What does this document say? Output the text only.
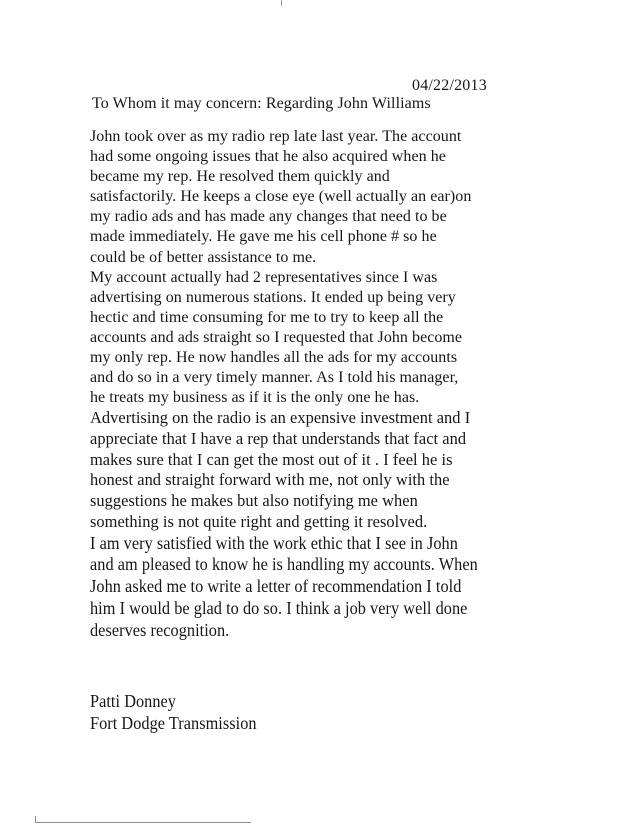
04/22/2013
To Whom it may concern: Regarding John Williams
John took over as my radio rep late last year. The account
had some ongoing issues that he also acquired when he
became my rep. He resolved them quickly and
satisfactorily. He keeps a close eye (well actually an ear)on
my radio ads and has made any changes that need to be
made immediately. He gave me his cell phone # so he
could be of better assistance to me.
My account actually had 2 representatives since I was
advertising on numerous stations. It ended up being very
hectic and time consuming for me to try to keep all the
accounts and ads straight so I requested that John become
my only rep. He now handles all the ads for my accounts
and do so in a very timely manner. As I told his manager,
he treats my business as if it is the only one he has.
Advertising on the radio is an expensive investment and I
appreciate that I have a rep that understands that fact and
makes sure that I can get the most out of it . I feel he is
honest and straight forward with me, not only with the
suggestions he makes but also notifying me when
something is not quite right and getting it resolved.
I am very satisfied with the work ethic that I see in John
and am pleased to know he is handling my accounts. When
John asked me to write a letter of recommendation I told
him I would be glad to do so. I think a job very well done
deserves recognition.
Patti Donney
Fort Dodge Transmission
